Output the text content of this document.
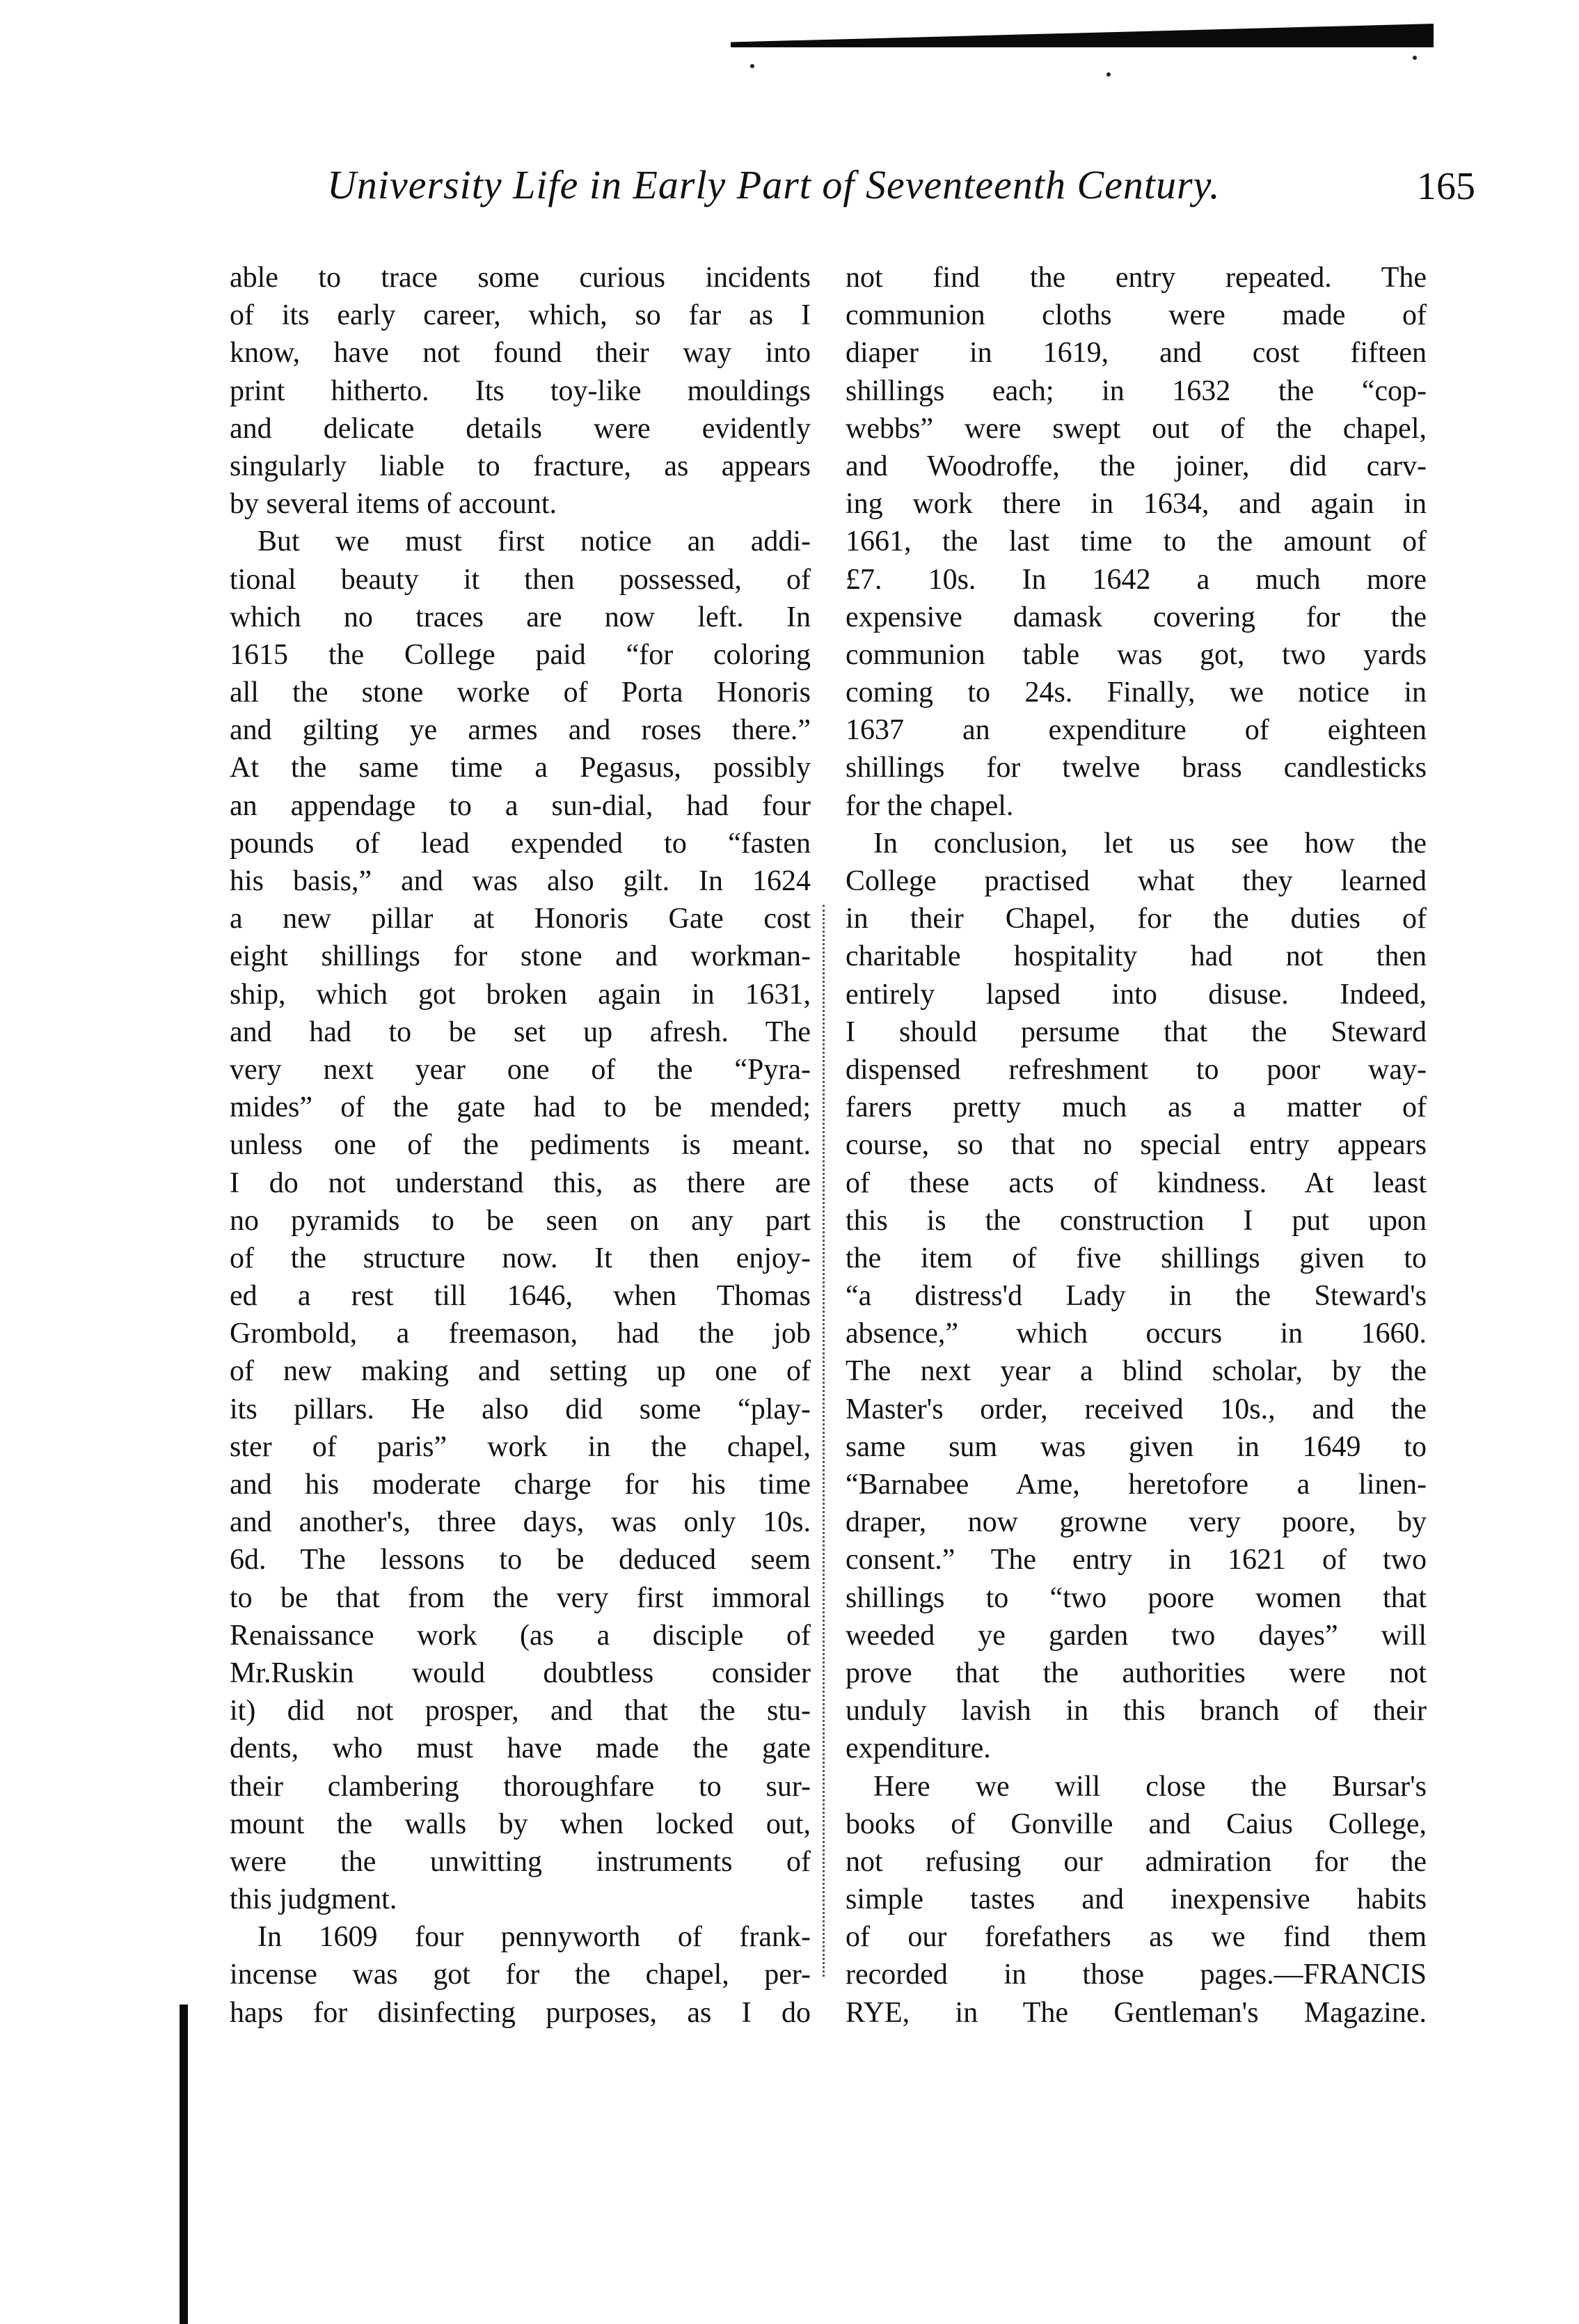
University Life in Early Part of Seventeenth Century.	165
able to trace some curious incidents
of its early career, which, so far as I
know, have not found their way into
print hitherto. Its toy-like mouldings
and delicate details were evidently
singularly liable to fracture, as appears
by several items of account.
But we must first notice an addi-
tional beauty it then possessed, of
which no traces are now left. In
1615 the College paid “for coloring
all the stone worke of Porta Honoris
and gilting ye armes and roses there.”
At the same time a Pegasus, possibly
an appendage to a sun-dial, had four
pounds of lead expended to “fasten
his basis,” and was also gilt. In 1624
a new pillar at Honoris Gate cost
eight shillings for stone and workman-
ship, which got broken again in 1631,
and had to be set up afresh. The
very next year one of the “Pyra-
mides” of the gate had to be mended;
unless one of the pediments is meant.
I do not understand this, as there are
no pyramids to be seen on any part
of the structure now. It then enjoy-
ed a rest till 1646, when Thomas
Grombold, a freemason, had the job
of new making and setting up one of
its pillars. He also did some “play-
ster of paris” work in the chapel,
and his moderate charge for his time
and another's, three days, was only 10s.
6d. The lessons to be deduced seem
to be that from the very first immoral
Renaissance work (as a disciple of
Mr.Ruskin would doubtless consider
it) did not prosper, and that the stu-
dents, who must have made the gate
their clambering thoroughfare to sur-
mount the walls by when locked out,
were the unwitting instruments of
this judgment.
In 1609 four pennyworth of frank-
incense was got for the chapel, per-
haps for disinfecting purposes, as I do
not find the entry repeated. The
communion cloths were made of
diaper in 1619, and cost fifteen
shillings each; in 1632 the “cop-
webbs” were swept out of the chapel,
and Woodroffe, the joiner, did carv-
ing work there in 1634, and again in
1661, the last time to the amount of
£7. 10s. In 1642 a much more
expensive damask covering for the
communion table was got, two yards
coming to 24s. Finally, we notice in
1637 an expenditure of eighteen
shillings for twelve brass candlesticks
for the chapel.
In conclusion, let us see how the
College practised what they learned
in their Chapel, for the duties of
charitable hospitality had not then
entirely lapsed into disuse. Indeed,
I should persume that the Steward
dispensed refreshment to poor way-
farers pretty much as a matter of
course, so that no special entry appears
of these acts of kindness. At least
this is the construction I put upon
the item of five shillings given to
“a distress'd Lady in the Steward's
absence,” which occurs in 1660.
The next year a blind scholar, by the
Master's order, received 10s., and the
same sum was given in 1649 to
“Barnabee Ame, heretofore a linen-
draper, now growne very poore, by
consent.” The entry in 1621 of two
shillings to “two poore women that
weeded ye garden two dayes” will
prove that the authorities were not
unduly lavish in this branch of their
expenditure.
Here we will close the Bursar's
books of Gonville and Caius College,
not refusing our admiration for the
simple tastes and inexpensive habits
of our forefathers as we find them
recorded in those pages.—FRANCIS
RYE, in The Gentleman's Magazine.
